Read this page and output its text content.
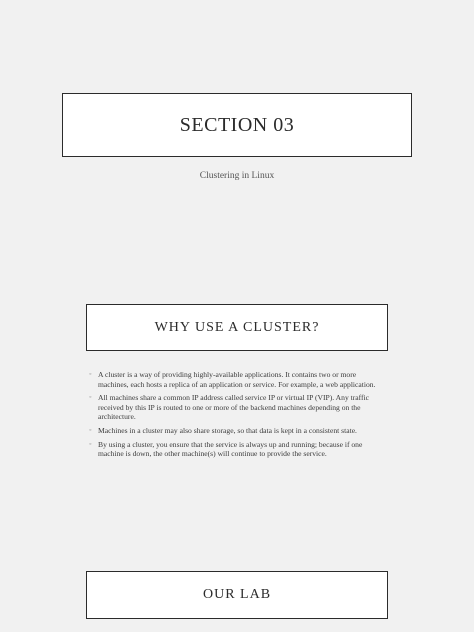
SECTION 03
Clustering in Linux
WHY USE A CLUSTER?
◦ A cluster is a way of providing highly-available applications. It contains two or more machines, each hosts a replica of an application or service. For example, a web application.
◦ All machines share a common IP address called service IP or virtual IP (VIP). Any traffic received by this IP is routed to one or more of the backend machines depending on the architecture.
◦ Machines in a cluster may also share storage, so that data is kept in a consistent state.
◦ By using a cluster, you ensure that the service is always up and running; because if one machine is down, the other machine(s) will continue to provide the service.
OUR LAB
